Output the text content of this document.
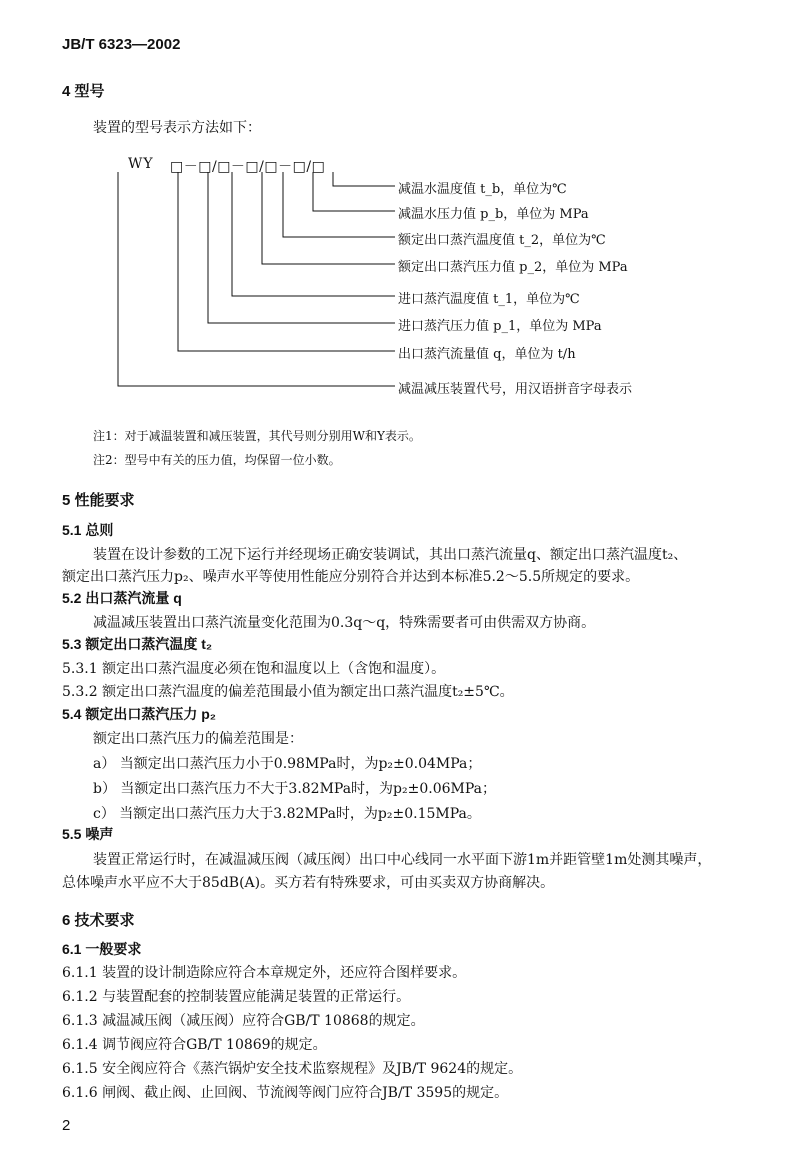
JB/T 6323—2002
4 型号
装置的型号表示方法如下：
WY □－□/□－□/□－□/□
减温水温度值 t_b，单位为℃
减温水压力值 p_b，单位为 MPa
额定出口蒸汽温度值 t_2，单位为℃
额定出口蒸汽压力值 p_2，单位为 MPa
进口蒸汽温度值 t_1，单位为℃
进口蒸汽压力值 p_1，单位为 MPa
出口蒸汽流量值 q，单位为 t/h
减温减压装置代号，用汉语拼音字母表示
注1：对于减温装置和减压装置，其代号则分别用W和Y表示。
注2：型号中有关的压力值，均保留一位小数。
5 性能要求
5.1 总则
装置在设计参数的工况下运行并经现场正确安装调试，其出口蒸汽流量q、额定出口蒸汽温度t₂、
额定出口蒸汽压力p₂、噪声水平等使用性能应分别符合并达到本标准5.2～5.5所规定的要求。
5.2 出口蒸汽流量 q
减温减压装置出口蒸汽流量变化范围为0.3q～q，特殊需要者可由供需双方协商。
5.3 额定出口蒸汽温度 t₂
5.3.1 额定出口蒸汽温度必须在饱和温度以上（含饱和温度）。
5.3.2 额定出口蒸汽温度的偏差范围最小值为额定出口蒸汽温度t₂±5℃。
5.4 额定出口蒸汽压力 p₂
额定出口蒸汽压力的偏差范围是：
a） 当额定出口蒸汽压力小于0.98MPa时，为p₂±0.04MPa；
b） 当额定出口蒸汽压力不大于3.82MPa时，为p₂±0.06MPa；
c） 当额定出口蒸汽压力大于3.82MPa时，为p₂±0.15MPa。
5.5 噪声
装置正常运行时，在减温减压阀（减压阀）出口中心线同一水平面下游1m并距管壁1m处测其噪声，
总体噪声水平应不大于85dB(A)。买方若有特殊要求，可由买卖双方协商解决。
6 技术要求
6.1 一般要求
6.1.1 装置的设计制造除应符合本章规定外，还应符合图样要求。
6.1.2 与装置配套的控制装置应能满足装置的正常运行。
6.1.3 减温减压阀（减压阀）应符合GB/T 10868的规定。
6.1.4 调节阀应符合GB/T 10869的规定。
6.1.5 安全阀应符合《蒸汽锅炉安全技术监察规程》及JB/T 9624的规定。
6.1.6 闸阀、截止阀、止回阀、节流阀等阀门应符合JB/T 3595的规定。
2
